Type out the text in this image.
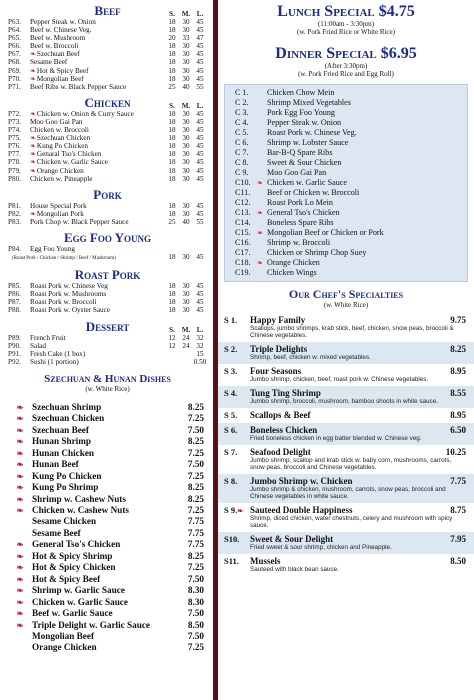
Beef	S. M. L.
P63.	Pepper Steak w. Onion	18 30 45
P64.	Beef w. Chinese Veg.	18 30 45
P65.	Beef w. Mushroom	20 33 47
P66.	Beef w. Broccoli	18 30 45
P67.	❧Szechuan Beef	18 30 45
P68.	Sesame Beef	18 30 45
P69.	❧Hot & Spicy Beef	18 30 45
P70.	❧Mongolian Beef	18 30 45
P71.	Beef Ribs w. Black Pepper Sauce	25 40 55
Chicken	S. M. L.
P72.	❧Chicken w. Onion & Curry Sauce	18 30 45
P73.	Moo Goo Gai Pan	18 30 45
P74.	Chicken w. Broccoli	18 30 45
P75.	❧Szechuan Chicken	18 30 45
P76.	❧Kung Po Chicken	18 30 45
P77.	❧Genaral Tso's Chicken	18 30 45
P78.	❧Chicken w. Garlic Sauce	18 30 45
P79.	❧Orange Chicken	18 30 45
P80.	Chicken w. Pineapple	18 30 45
Pork
P81.	House Special Pork	18 30 45
P82.	❧Mongolian Pork	18 30 45
P83.	Pork Chop w. Black Pepper Sauce	25 40 55
Egg Foo Young
P84.	Egg Foo Young
(Roast Pork / Chicken / Shrimp / Beef / Mushroom)	18 30 45
Roast Pork
P85.	Roast Pork w. Chinese Veg	18 30 45
P86.	Roast Pork w. Mushrooms	18 30 45
P87.	Roast Pork w. Broccoli	18 30 45
P88.	Roast Pork w. Oyster Sauce	18 30 45
Dessert	S. M. L.
P89.	French Fruit	12 24 32
P90.	Salad	12 24 32
P91.	Fresh Cake (1 box)	15
P92.	Sushi (1 portion)	0.50
Szechuan & Hunan Dishes
(w. White Rice)
❧ Szechuan Shrimp	8.25
❧ Szechuan Chicken	7.25
❧ Szechuan Beef	7.50
❧ Hunan Shrimp	8.25
❧ Hunan Chicken	7.25
❧ Hunan Beef	7.50
❧ Kung Po Chicken	7.25
❧ Kung Po Shrimp	8.25
❧ Shrimp w. Cashew Nuts	8.25
❧ Chicken w. Cashew Nuts	7.25
Sesame Chicken	7.75
Sesame Beef	7.75
❧ General Tso's Chicken	7.75
❧ Hot & Spicy Shrimp	8.25
❧ Hot & Spicy Chicken	7.25
❧ Hot & Spicy Beef	7.50
❧ Shrimp w. Garlic Sauce	8.30
❧ Chicken w. Garlic Sauce	8.30
❧ Beef w. Garlic Sauce	7.50
❧ Triple Delight w. Garlic Sauce	8.50
Mongolian Beef	7.50
Orange Chicken	7.25
Lunch Special $4.75
(11:00am - 3:30pm)
(w. Pork Fried Rice or White Rice)
Dinner Special $6.95
(After 3:30pm)
(w. Pork Fried Rice and Egg Roll)
C 1.	Chicken Chow Mein
C 2.	Shrimp Mixed Vegetables
C 3.	Pork Egg Foo Young
C 4.	Pepper Steak w. Onion
C 5.	Roast Pork w. Chinese Veg.
C 6.	Shrimp w. Lobster Sauce
C 7.	Bar-B-Q Spare Ribs
C 8.	Sweet & Sour Chicken
C 9.	Moo Goo Gai Pan
C10. ❧ Chicken w. Garlic Sauce
C11.	Beef or Chicken w. Broccoli
C12.	Roast Pork Lo Mein
C13. ❧ General Tso's Chicken
C14.	Boneless Spare Ribs
C15. ❧ Mongolian Beef or Chicken or Pork
C16.	Shrimp w. Broccoli
C17.	Chicken or Shrimp Chop Suey
C18. ❧ Orange Chicken
C19.	Chicken Wings
Our Chef's Specialties
(w. White Rice)
S 1.	Happy Family	9.75
Scallops, jumbo shrimps, krab stick, beef, chicken, snow peas, broccoli & Chinese vegetables.
S 2.	Triple Delights	8.25
Shrimp, beef, chicken w. mixed vegetables.
S 3.	Four Seasons	8.95
Jumbo shrimp, chicken, beef, roast pork w. Chinese vegetables.
S 4.	Tung Ting Shrimp	8.55
Jumbo shrimp, broccoli, mushroom, bamboo shoots in white sauce.
S 5.	Scallops & Beef	8.95
S 6.	Boneless Chicken	6.50
Fried boneless chicken in egg batter blended w. Chinese veg.
S 7.	Seafood Delight	10.25
Jumbo shrimp, scallop and krab stick w. baby corn, mushrooms, carrots, snow peas, broccoli and Chinese vegetables.
S 8.	Jumbo Shrimp w. Chicken	7.75
Jumbo shrimp & chicken, mushroom, carrots, snow peas, broccoli and Chinese vegetables in white sauce.
S 9.❧ Sauteed Double Happiness	8.75
Shrimp, diced chicken, water chestnuts, celery and mushroom with spicy sauce.
S10.	Sweet & Sour Delight	7.95
Fried sweet & sour shrimp, chicken and Pineapple.
S11.	Mussels	8.50
Sauteed with black bean sauce.
